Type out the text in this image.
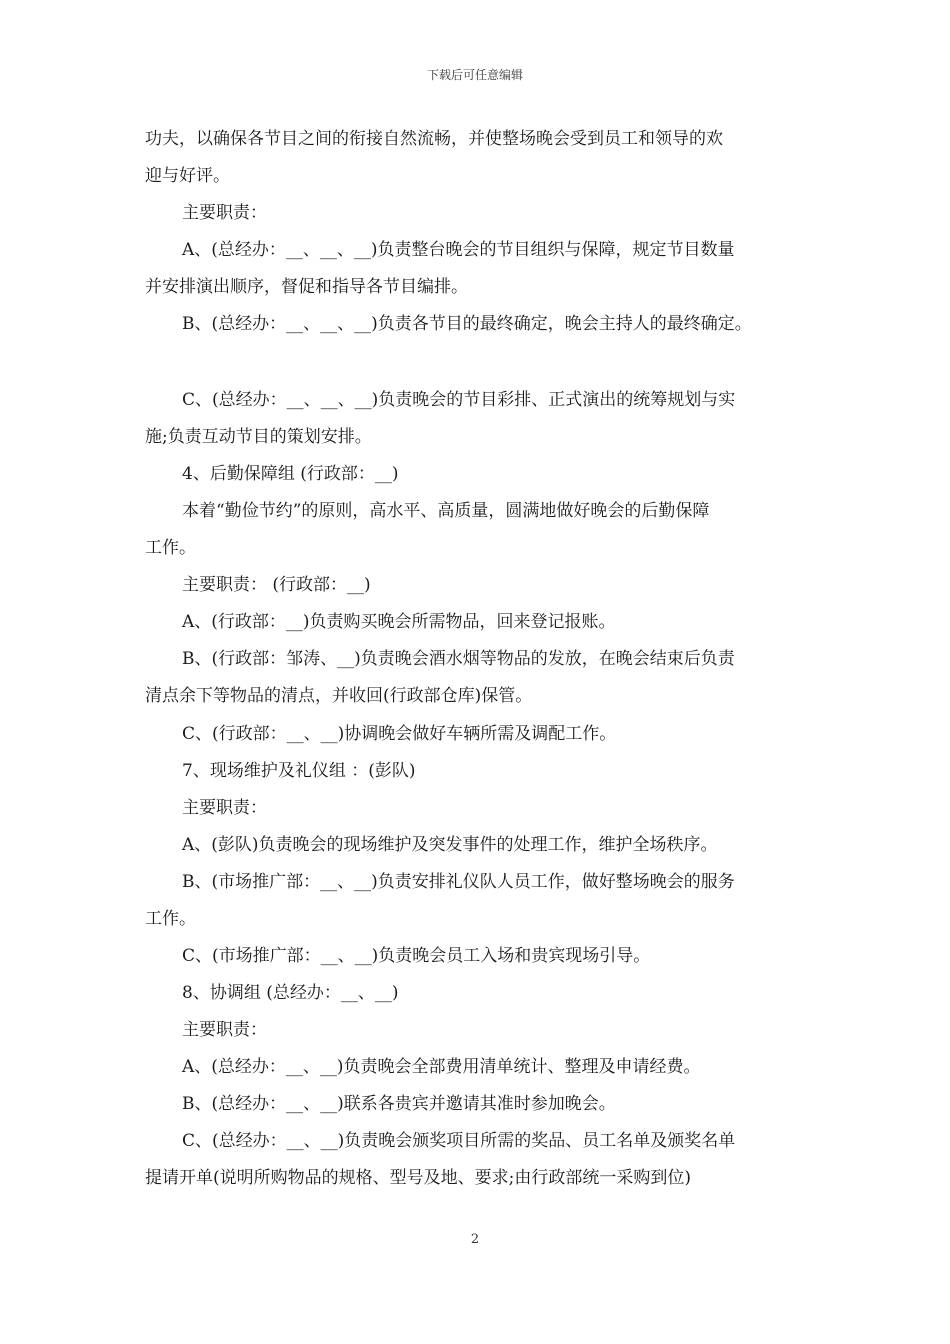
下载后可任意编辑
功夫，以确保各节目之间的衔接自然流畅，并使整场晚会受到员工和领导的欢
迎与好评。
主要职责：
A、(总经办：__、__、__)负责整台晚会的节目组织与保障，规定节目数量
并安排演出顺序，督促和指导各节目编排。
B、(总经办：__、__、__)负责各节目的最终确定，晚会主持人的最终确定。
C、(总经办：__、__、__)负责晚会的节目彩排、正式演出的统筹规划与实
施;负责互动节目的策划安排。
4、后勤保障组 (行政部：__)
本着“勤俭节约”的原则，高水平、高质量，圆满地做好晚会的后勤保障
工作。
主要职责： (行政部：__)
A、(行政部：__)负责购买晚会所需物品，回来登记报账。
B、(行政部：邹涛、__)负责晚会酒水烟等物品的发放，在晚会结束后负责
清点余下等物品的清点，并收回(行政部仓库)保管。
C、(行政部：__、__)协调晚会做好车辆所需及调配工作。
7、现场维护及礼仪组 ：(彭队)
主要职责：
A、(彭队)负责晚会的现场维护及突发事件的处理工作，维护全场秩序。
B、(市场推广部：__、__)负责安排礼仪队人员工作，做好整场晚会的服务
工作。
C、(市场推广部：__、__)负责晚会员工入场和贵宾现场引导。
8、协调组 (总经办：__、__)
主要职责：
A、(总经办：__、__)负责晚会全部费用清单统计、整理及申请经费。
B、(总经办：__、__)联系各贵宾并邀请其准时参加晚会。
C、(总经办：__、__)负责晚会颁奖项目所需的奖品、员工名单及颁奖名单
提请开单(说明所购物品的规格、型号及地、要求;由行政部统一采购到位)
2
